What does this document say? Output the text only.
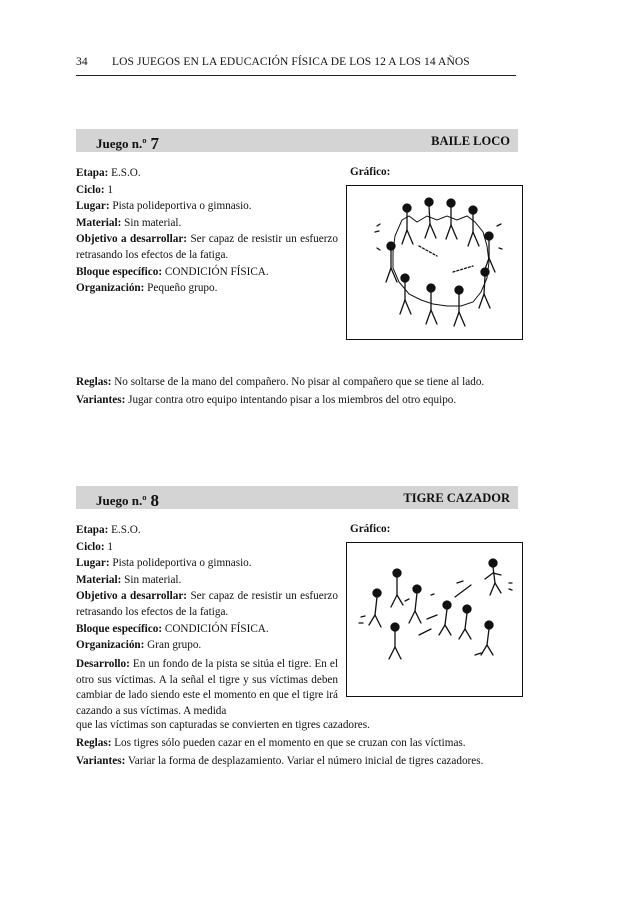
34 LOS JUEGOS EN LA EDUCACIÓN FÍSICA DE LOS 12 A LOS 14 AÑOS
Juego n.º 7	BAILE LOCO
Etapa: E.S.O.
Ciclo: 1
Lugar: Pista polideportiva o gimnasio.
Material: Sin material.
Objetivo a desarrollar: Ser capaz de resistir un esfuerzo retrasando los efectos de la fatiga.
Bloque específico: CONDICIÓN FÍSICA.
Organización: Pequeño grupo.
Gráfico:
Reglas: No soltarse de la mano del compañero. No pisar al compañero que se tiene al lado.
Variantes: Jugar contra otro equipo intentando pisar a los miembros del otro equipo.
Juego n.º 8	TIGRE CAZADOR
Etapa: E.S.O.
Ciclo: 1
Lugar: Pista polideportiva o gimnasio.
Material: Sin material.
Objetivo a desarrollar: Ser capaz de resistir un esfuerzo retrasando los efectos de la fatiga.
Bloque específico: CONDICIÓN FÍSICA.
Organización: Gran grupo.
Desarrollo: En un fondo de la pista se sitúa el tigre. En el otro sus víctimas. A la señal el tigre y sus víctimas deben cambiar de lado siendo este el momento en que el tigre irá cazando a sus víctimas. A medida
Gráfico:
Reglas: Los tigres sólo pueden cazar en el momento en que se cruzan con las víctimas.
Variantes: Variar la forma de desplazamiento. Variar el número inicial de tigres cazadores.
que las víctimas son capturadas se convierten en tigres cazadores.
